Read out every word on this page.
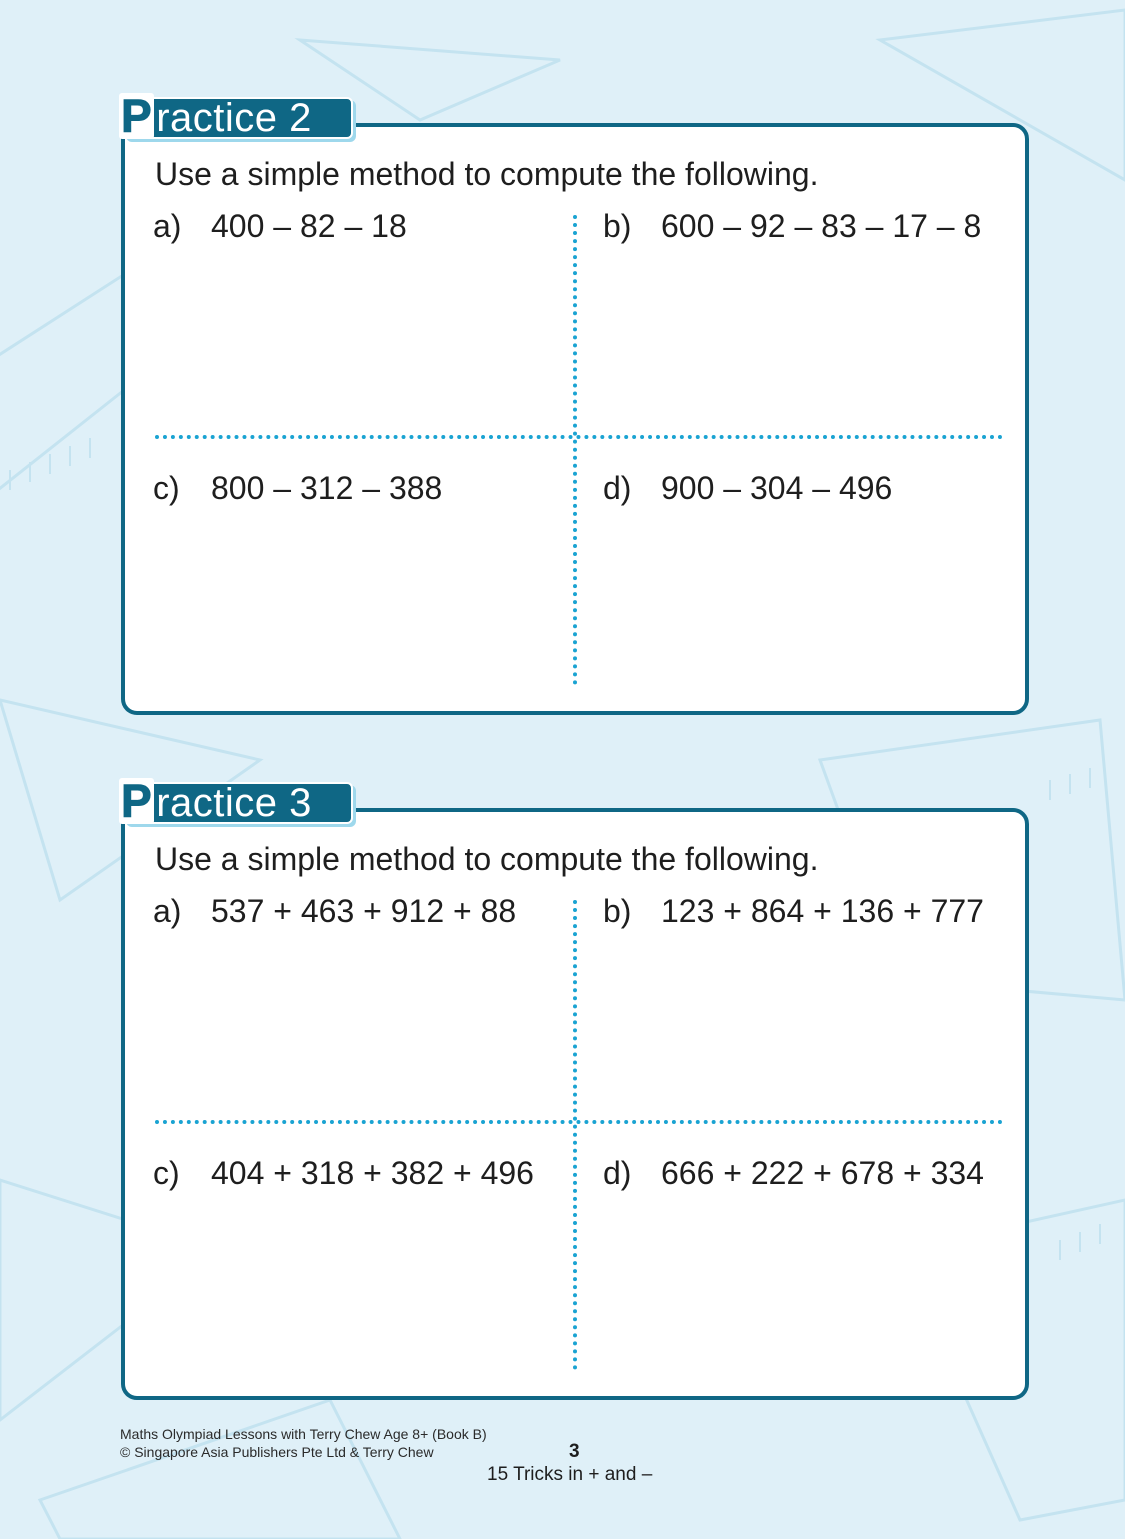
P ractice 2
Use a simple method to compute the following.
a) 400 – 82 – 18	b) 600 – 92 – 83 – 17 – 8
c) 800 – 312 – 388	d) 900 – 304 – 496
P ractice 3
Use a simple method to compute the following.
a) 537 + 463 + 912 + 88	b) 123 + 864 + 136 + 777
c) 404 + 318 + 382 + 496 d) 666 + 222 + 678 + 334
Maths Olympiad Lessons with Terry Chew Age 8+ (Book B)
© Singapore Asia Publishers Pte Ltd & Terry Chew	3
15 Tricks in + and –
